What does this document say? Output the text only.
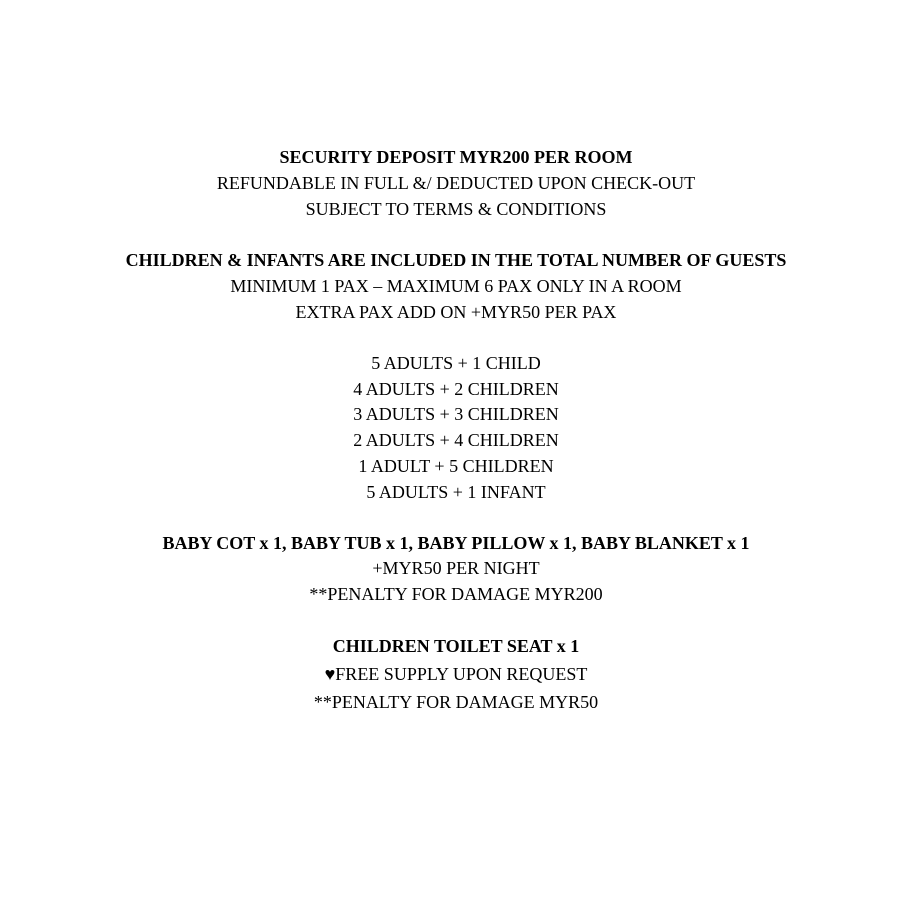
SECURITY DEPOSIT MYR200 PER ROOM
REFUNDABLE IN FULL &/ DEDUCTED UPON CHECK-OUT
SUBJECT TO TERMS & CONDITIONS
CHILDREN & INFANTS ARE INCLUDED IN THE TOTAL NUMBER OF GUESTS
MINIMUM 1 PAX – MAXIMUM 6 PAX ONLY IN A ROOM
EXTRA PAX ADD ON +MYR50 PER PAX
5 ADULTS + 1 CHILD
4 ADULTS + 2 CHILDREN
3 ADULTS + 3 CHILDREN
2 ADULTS + 4 CHILDREN
1 ADULT + 5 CHILDREN
5 ADULTS + 1 INFANT
BABY COT x 1, BABY TUB x 1, BABY PILLOW x 1, BABY BLANKET x 1
+MYR50 PER NIGHT
**PENALTY FOR DAMAGE MYR200
CHILDREN TOILET SEAT x 1
♥FREE SUPPLY UPON REQUEST
**PENALTY FOR DAMAGE MYR50
